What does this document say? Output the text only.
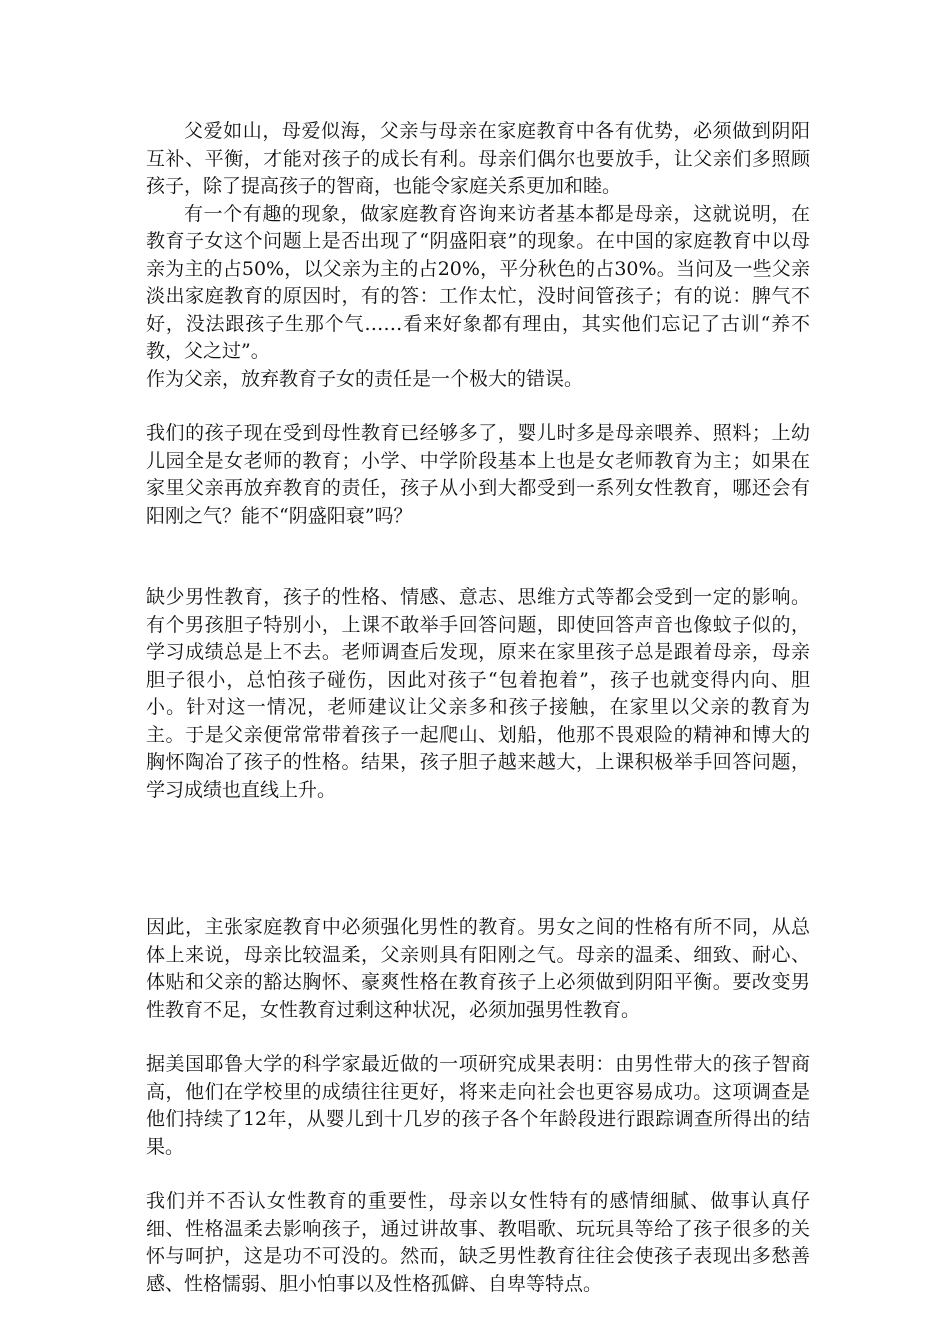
父爱如山，母爱似海，父亲与母亲在家庭教育中各有优势，必须做到阴阳互补、平衡，才能对孩子的成长有利。母亲们偶尔也要放手，让父亲们多照顾孩子，除了提高孩子的智商，也能令家庭关系更加和睦。

有一个有趣的现象，做家庭教育咨询来访者基本都是母亲，这就说明，在教育子女这个问题上是否出现了“阴盛阳衰”的现象。在中国的家庭教育中以母亲为主的占50%，以父亲为主的占20%，平分秋色的占30%。当问及一些父亲淡出家庭教育的原因时，有的答：工作太忙，没时间管孩子；有的说：脾气不好，没法跟孩子生那个气……看来好象都有理由，其实他们忘记了古训“养不教，父之过”。

作为父亲，放弃教育子女的责任是一个极大的错误。

我们的孩子现在受到母性教育已经够多了，婴儿时多是母亲喂养、照料；上幼儿园全是女老师的教育；小学、中学阶段基本上也是女老师教育为主；如果在家里父亲再放弃教育的责任，孩子从小到大都受到一系列女性教育，哪还会有阳刚之气？能不“阴盛阳衰”吗？

缺少男性教育，孩子的性格、情感、意志、思维方式等都会受到一定的影响。有个男孩胆子特别小，上课不敢举手回答问题，即使回答声音也像蚊子似的，学习成绩总是上不去。老师调查后发现，原来在家里孩子总是跟着母亲，母亲胆子很小，总怕孩子碰伤，因此对孩子“包着抱着”，孩子也就变得内向、胆小。针对这一情况，老师建议让父亲多和孩子接触，在家里以父亲的教育为主。于是父亲便常常带着孩子一起爬山、划船，他那不畏艰险的精神和博大的胸怀陶冶了孩子的性格。结果，孩子胆子越来越大，上课积极举手回答问题，学习成绩也直线上升。

因此，主张家庭教育中必须强化男性的教育。男女之间的性格有所不同，从总体上来说，母亲比较温柔，父亲则具有阳刚之气。母亲的温柔、细致、耐心、体贴和父亲的豁达胸怀、豪爽性格在教育孩子上必须做到阴阳平衡。要改变男性教育不足，女性教育过剩这种状况，必须加强男性教育。

据美国耶鲁大学的科学家最近做的一项研究成果表明：由男性带大的孩子智商高，他们在学校里的成绩往往更好，将来走向社会也更容易成功。这项调查是他们持续了12年，从婴儿到十几岁的孩子各个年龄段进行跟踪调查所得出的结果。

我们并不否认女性教育的重要性，母亲以女性特有的感情细腻、做事认真仔细、性格温柔去影响孩子，通过讲故事、教唱歌、玩玩具等给了孩子很多的关怀与呵护，这是功不可没的。然而，缺乏男性教育往往会使孩子表现出多愁善感、性格懦弱、胆小怕事以及性格孤僻、自卑等特点。
